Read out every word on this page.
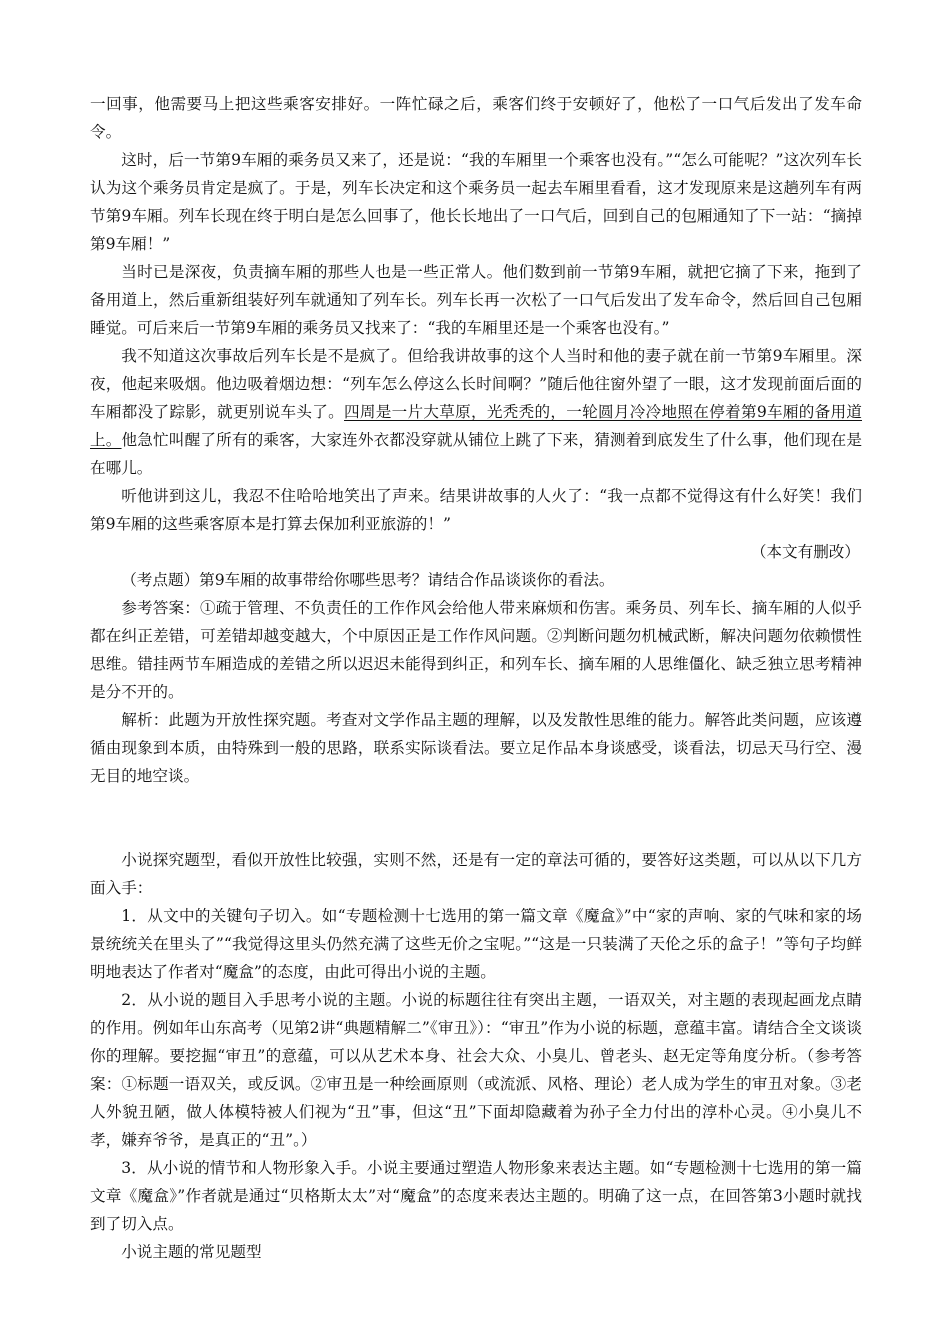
一回事，他需要马上把这些乘客安排好。一阵忙碌之后，乘客们终于安顿好了，他松了一口气后发出了发车命令。

这时，后一节第9车厢的乘务员又来了，还是说：“我的车厢里一个乘客也没有。”“怎么可能呢？”这次列车长认为这个乘务员肯定是疯了。于是，列车长决定和这个乘务员一起去车厢里看看，这才发现原来是这趟列车有两节第9车厢。列车长现在终于明白是怎么回事了，他长长地出了一口气后，回到自己的包厢通知了下一站：“摘掉第9车厢！”

当时已是深夜，负责摘车厢的那些人也是一些正常人。他们数到前一节第9车厢，就把它摘了下来，拖到了备用道上，然后重新组装好列车就通知了列车长。列车长再一次松了一口气后发出了发车命令，然后回自己包厢睡觉。可后来后一节第9车厢的乘务员又找来了：“我的车厢里还是一个乘客也没有。”

我不知道这次事故后列车长是不是疯了。但给我讲故事的这个人当时和他的妻子就在前一节第9车厢里。深夜，他起来吸烟。他边吸着烟边想：“列车怎么停这么长时间啊？”随后他往窗外望了一眼，这才发现前面后面的车厢都没了踪影，就更别说车头了。四周是一片大草原，光秃秃的，一轮圆月冷冷地照在停着第9车厢的备用道上。他急忙叫醒了所有的乘客，大家连外衣都没穿就从铺位上跳了下来，猜测着到底发生了什么事，他们现在是在哪儿。

听他讲到这儿，我忍不住哈哈地笑出了声来。结果讲故事的人火了：“我一点都不觉得这有什么好笑！我们第9车厢的这些乘客原本是打算去保加利亚旅游的！”

（本文有删改）

（考点题）第9车厢的故事带给你哪些思考？请结合作品谈谈你的看法。

参考答案：①疏于管理、不负责任的工作作风会给他人带来麻烦和伤害。乘务员、列车长、摘车厢的人似乎都在纠正差错，可差错却越变越大，个中原因正是工作作风问题。②判断问题勿机械武断，解决问题勿依赖惯性思维。错挂两节车厢造成的差错之所以迟迟未能得到纠正，和列车长、摘车厢的人思维僵化、缺乏独立思考精神是分不开的。

解析：此题为开放性探究题。考查对文学作品主题的理解，以及发散性思维的能力。解答此类问题，应该遵循由现象到本质，由特殊到一般的思路，联系实际谈看法。要立足作品本身谈感受，谈看法，切忌天马行空、漫无目的地空谈。

小说探究题型，看似开放性比较强，实则不然，还是有一定的章法可循的，要答好这类题，可以从以下几方面入手：

1．从文中的关键句子切入。如“专题检测十七选用的第一篇文章《魔盒》”中“家的声响、家的气味和家的场景统统关在里头了”“我觉得这里头仍然充满了这些无价之宝呢。”“这是一只装满了天伦之乐的盒子！”等句子均鲜明地表达了作者对“魔盒”的态度，由此可得出小说的主题。

2．从小说的题目入手思考小说的主题。小说的标题往往有突出主题，一语双关，对主题的表现起画龙点睛的作用。例如年山东高考（见第2讲“典题精解二”《审丑》）：“审丑”作为小说的标题，意蕴丰富。请结合全文谈谈你的理解。要挖掘“审丑”的意蕴，可以从艺术本身、社会大众、小臭儿、曾老头、赵无定等角度分析。（参考答案：①标题一语双关，或反讽。②审丑是一种绘画原则（或流派、风格、理论）老人成为学生的审丑对象。③老人外貌丑陋，做人体模特被人们视为“丑”事，但这“丑”下面却隐藏着为孙子全力付出的淳朴心灵。④小臭儿不孝，嫌弃爷爷，是真正的“丑”。）

3．从小说的情节和人物形象入手。小说主要通过塑造人物形象来表达主题。如“专题检测十七选用的第一篇文章《魔盒》”作者就是通过“贝格斯太太”对“魔盒”的态度来表达主题的。明确了这一点，在回答第3小题时就找到了切入点。

小说主题的常见题型
